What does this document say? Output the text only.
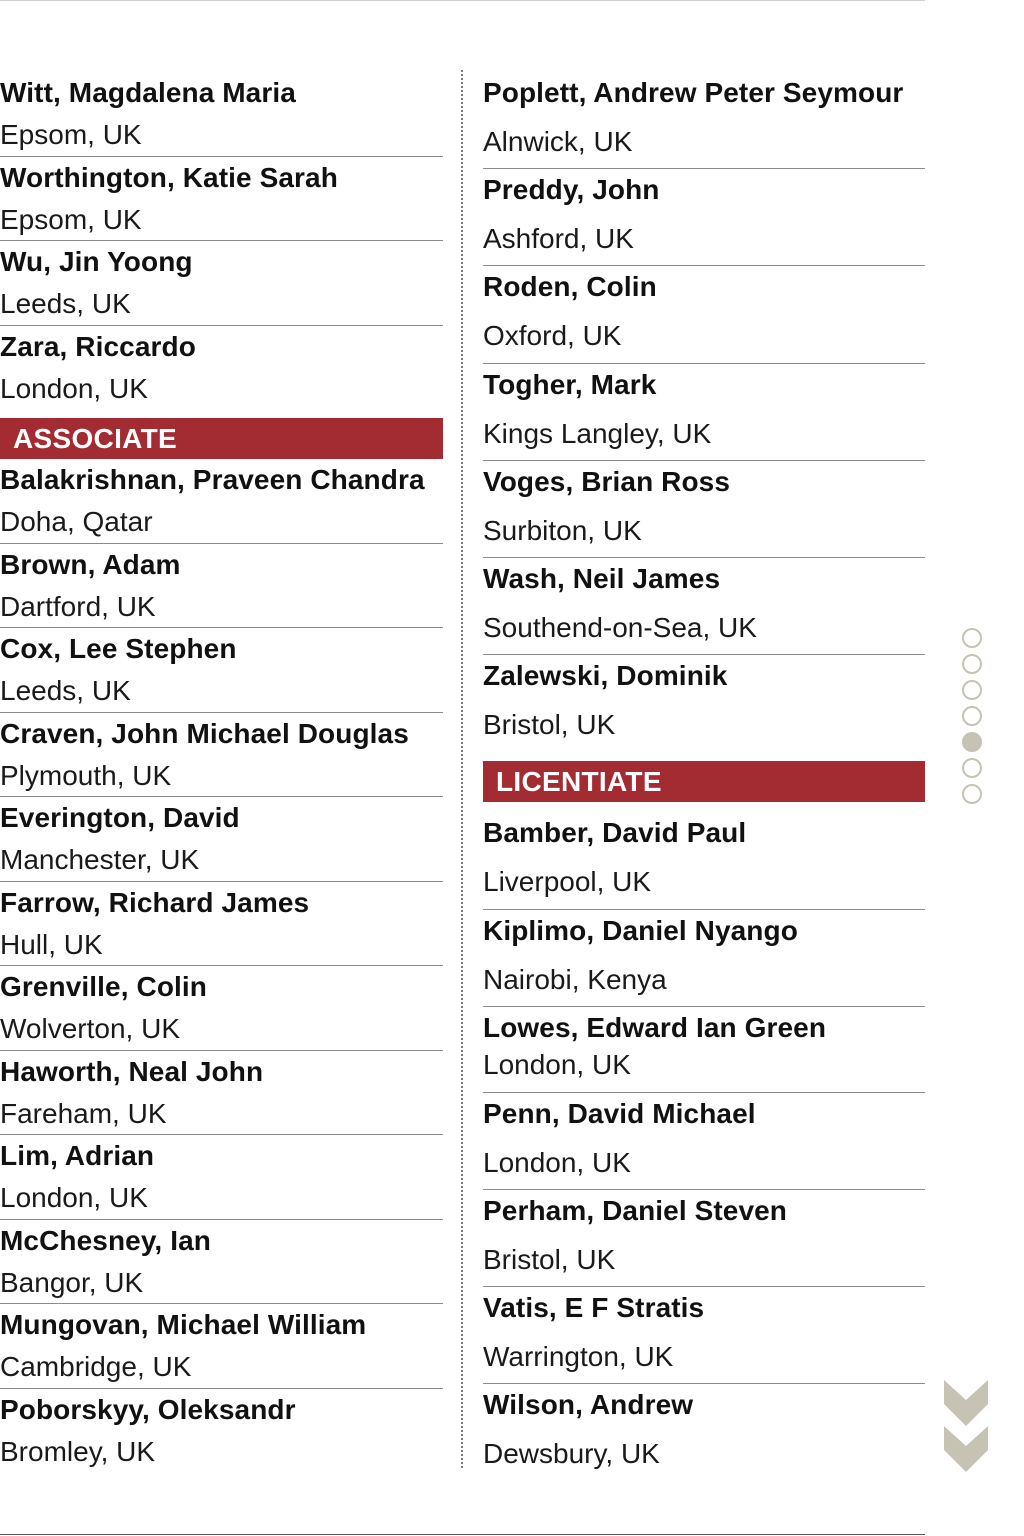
Witt, Magdalena Maria
Epsom, UK
Worthington, Katie Sarah
Epsom, UK
Wu, Jin Yoong
Leeds, UK
Zara, Riccardo
London, UK
ASSOCIATE
Balakrishnan, Praveen Chandra
Doha, Qatar
Brown, Adam
Dartford, UK
Cox, Lee Stephen
Leeds, UK
Craven, John Michael Douglas
Plymouth, UK
Everington, David
Manchester, UK
Farrow, Richard James
Hull, UK
Grenville, Colin
Wolverton, UK
Haworth, Neal John
Fareham, UK
Lim, Adrian
London, UK
McChesney, Ian
Bangor, UK
Mungovan, Michael William
Cambridge, UK
Poborskyy, Oleksandr
Bromley, UK
Poplett, Andrew Peter Seymour
Alnwick, UK
Preddy, John
Ashford, UK
Roden, Colin
Oxford, UK
Togher, Mark
Kings Langley, UK
Voges, Brian Ross
Surbiton, UK
Wash, Neil James
Southend-on-Sea, UK
Zalewski, Dominik
Bristol, UK
LICENTIATE
Bamber, David Paul
Liverpool, UK
Kiplimo, Daniel Nyango
Nairobi, Kenya
Lowes, Edward Ian Green
London, UK
Penn, David Michael
London, UK
Perham, Daniel Steven
Bristol, UK
Vatis, E F Stratis
Warrington, UK
Wilson, Andrew
Dewsbury, UK
